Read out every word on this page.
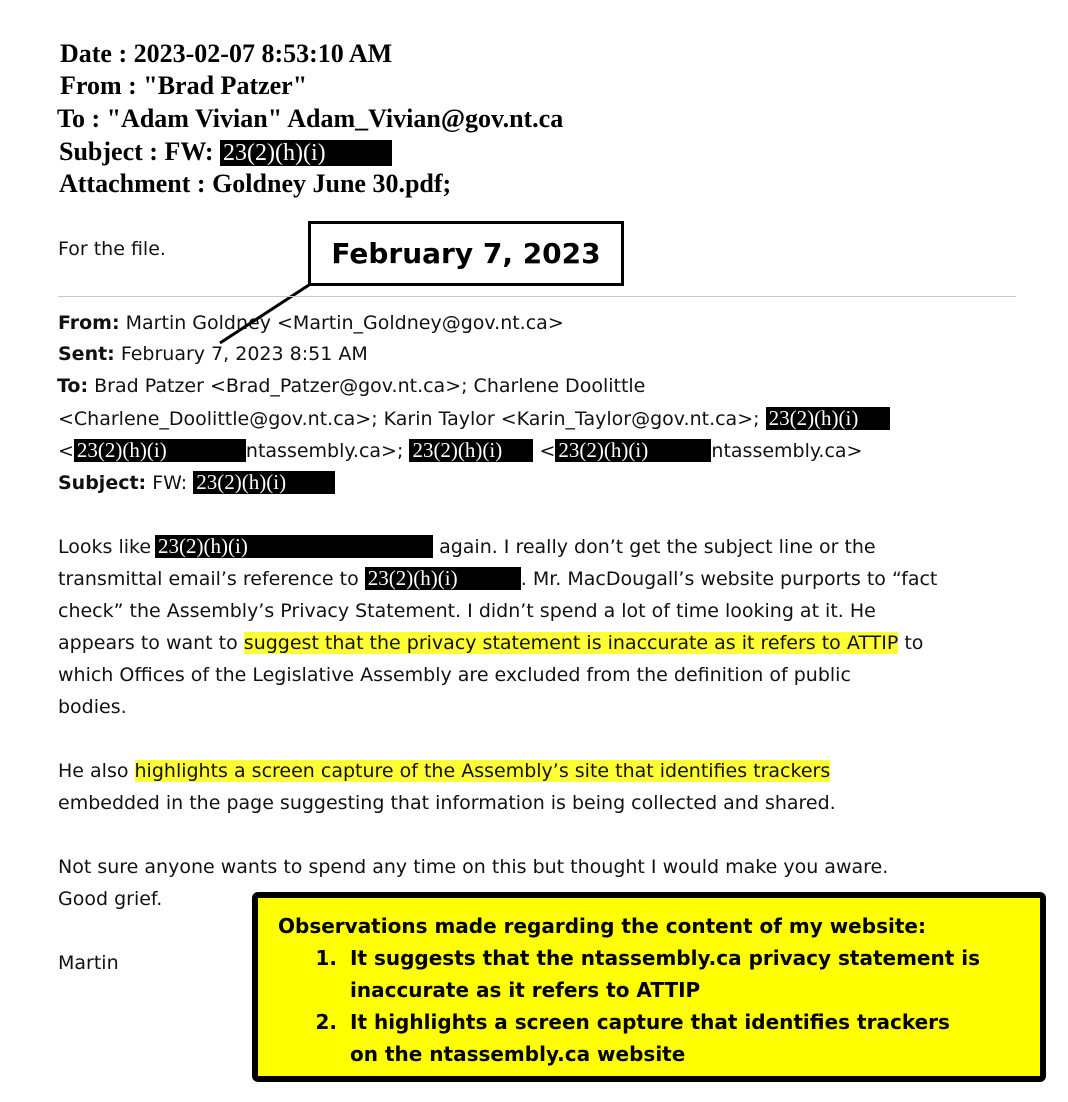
Date : 2023-02-07 8:53:10 AM
From : "Brad Patzer"
To : "Adam Vivian" Adam_Vivian@gov.nt.ca
Subject : FW: 23(2)(h)(i)
Attachment : Goldney June 30.pdf;
For the file.	February 7, 2023
From: Martin Goldney <Martin_Goldney@gov.nt.ca>
Sent: February 7, 2023 8:51 AM
To: Brad Patzer <Brad_Patzer@gov.nt.ca>; Charlene Doolittle
<Charlene_Doolittle@gov.nt.ca>; Karin Taylor <Karin_Taylor@gov.nt.ca>; 23(2)(h)(i)
< 23(2)(h)(i)	ntassembly.ca>; 23(2)(h)(i) < 23(2)(h)(i)	ntassembly.ca>
Subject: FW: 23(2)(h)(i)
Looks like 23(2)(h)(i)	again. I really don’t get the subject line or the
transmittal email’s reference to 23(2)(h)(i)	. Mr. MacDougall’s website purports to “fact
check” the Assembly’s Privacy Statement. I didn’t spend a lot of time looking at it. He
appears to want to suggest that the privacy statement is inaccurate as it refers to ATTIP to
which Offices of the Legislative Assembly are excluded from the definition of public
bodies.
He also highlights a screen capture of the Assembly’s site that identifies trackers
embedded in the page suggesting that information is being collected and shared.
Not sure anyone wants to spend any time on this but thought I would make you aware.
Good grief.
Martin
Observations made regarding the content of my website:
1. It suggests that the ntassembly.ca privacy statement is
inaccurate as it refers to ATTIP
2. It highlights a screen capture that identifies trackers
on the ntassembly.ca website
